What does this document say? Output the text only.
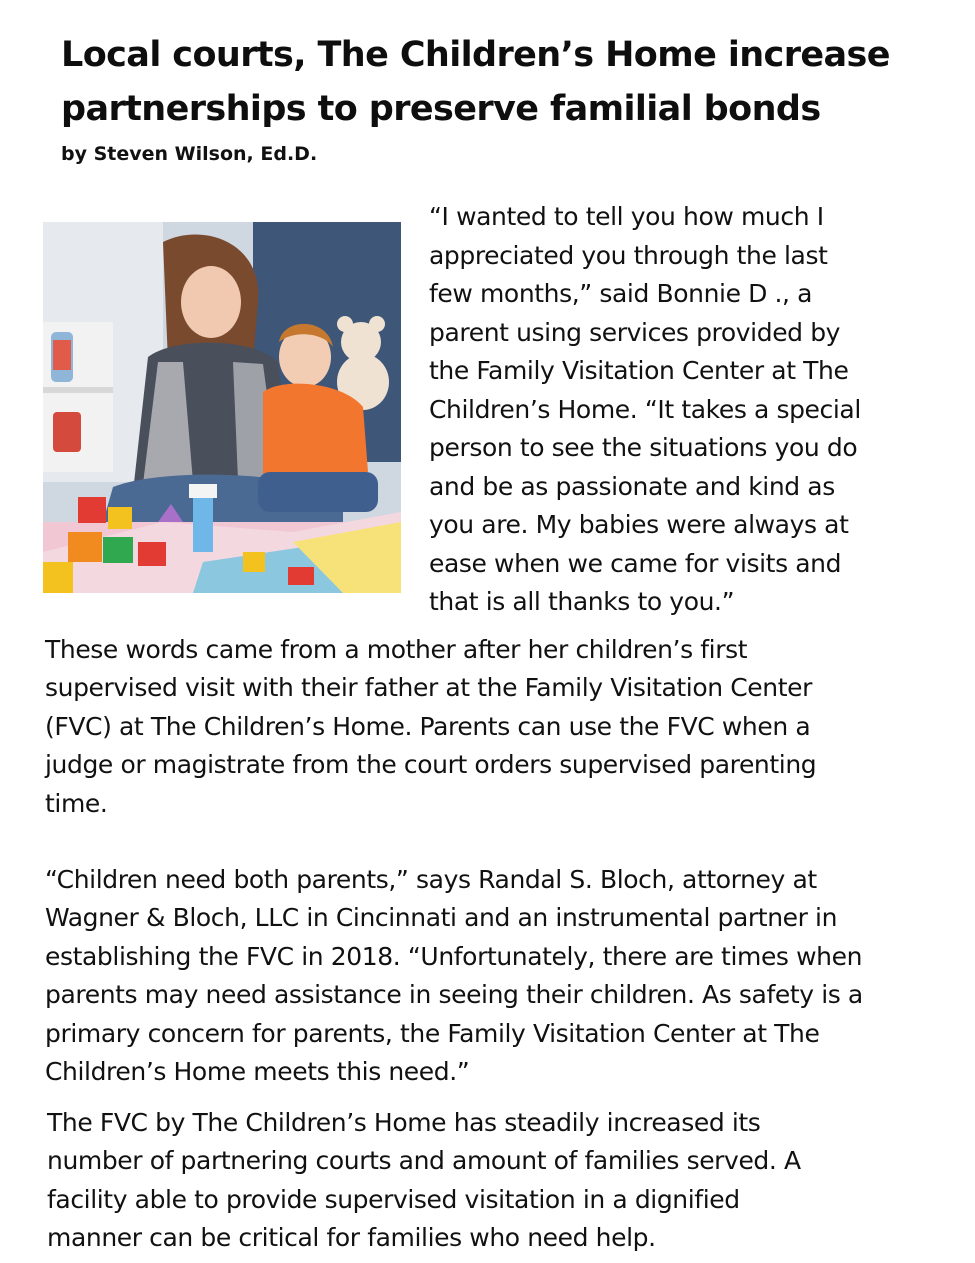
Local courts, The Children’s Home increase
partnerships to preserve familial bonds
by Steven Wilson, Ed.D.
“I wanted to tell you how much I
appreciated you through the last
few months,” said Bonnie D ., a
parent using services provided by
the Family Visitation Center at The
Children’s Home. “It takes a special
person to see the situations you do
and be as passionate and kind as
you are. My babies were always at
ease when we came for visits and
that is all thanks to you.”
These words came from a mother after her children’s first
supervised visit with their father at the Family Visitation Center
(FVC) at The Children’s Home. Parents can use the FVC when a
judge or magistrate from the court orders supervised parenting
time.
“Children need both parents,” says Randal S. Bloch, attorney at
Wagner & Bloch, LLC in Cincinnati and an instrumental partner in
establishing the FVC in 2018. “Unfortunately, there are times when
parents may need assistance in seeing their children. As safety is a
primary concern for parents, the Family Visitation Center at The
Children’s Home meets this need.”
The FVC by The Children’s Home has steadily increased its
number of partnering courts and amount of families served. A
facility able to provide supervised visitation in a dignified
manner can be critical for families who need help.
